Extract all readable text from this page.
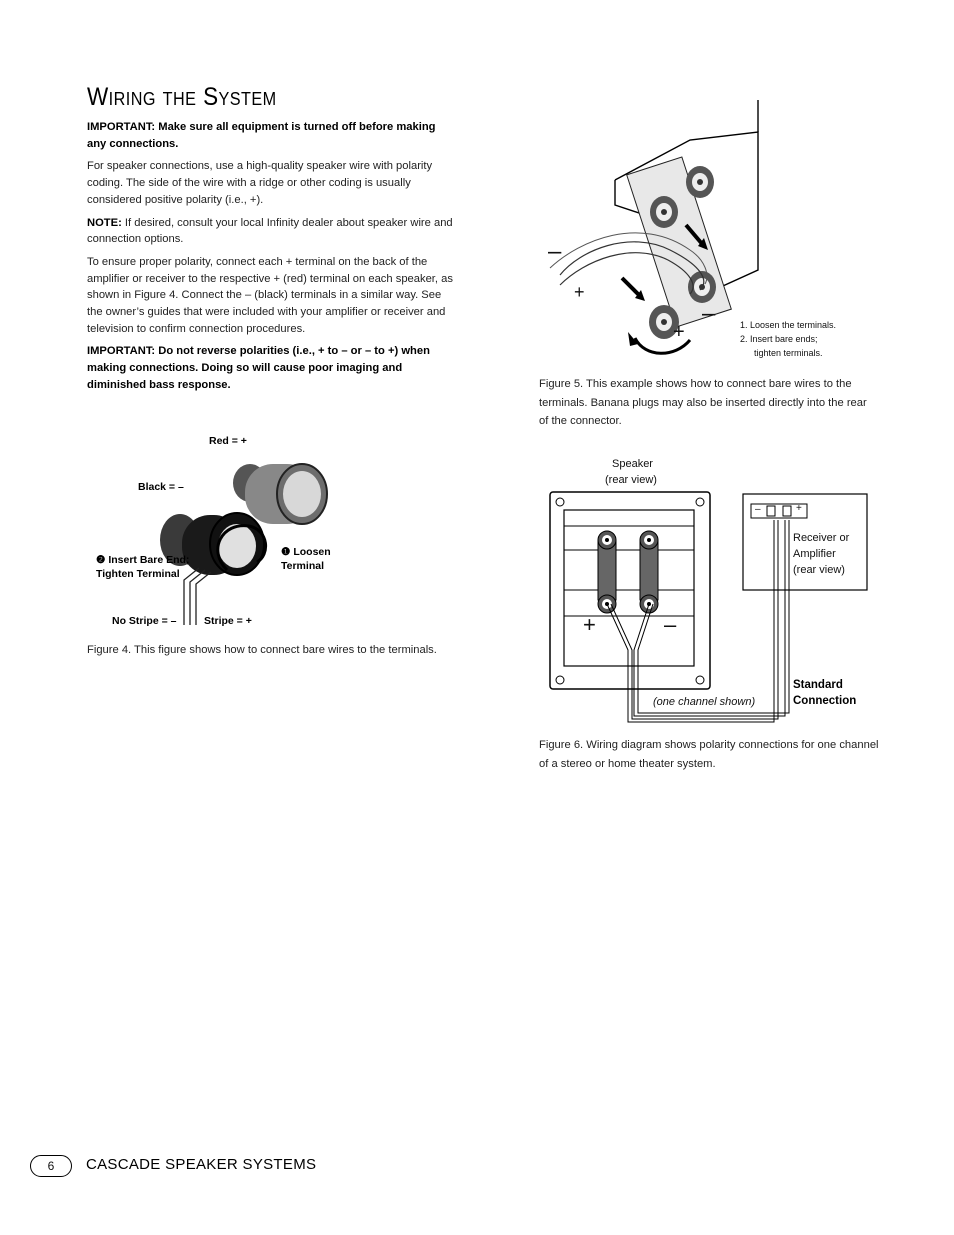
Wiring the System

IMPORTANT: Make sure all equipment is turned off before making any connections.

For speaker connections, use a high-quality speaker wire with polarity coding. The side of the wire with a ridge or other coding is usually considered positive polarity (i.e., +).

NOTE: If desired, consult your local Infinity dealer about speaker wire and connection options.

To ensure proper polarity, connect each + terminal on the back of the amplifier or receiver to the respective + (red) terminal on each speaker, as shown in Figure 4. Connect the – (black) terminals in a similar way. See the owner’s guides that were included with your amplifier or receiver and television to confirm connection procedures.

IMPORTANT: Do not reverse polarities (i.e., + to – or – to +) when making connections. Doing so will cause poor imaging and diminished bass response.

Red = +
Black = –
❷ Insert Bare End; Tighten Terminal
❶ Loosen Terminal
No Stripe = –	Stripe = +
Figure 4. This figure shows how to connect bare wires to the terminals.
–
+
–
+	1. Loosen the terminals.
2. Insert bare ends;
tighten terminals.
Figure 5. This example shows how to connect bare wires to the terminals. Banana plugs may also be inserted directly into the rear of the connector.
Speaker
(rear view)
–	+
Receiver or
Amplifier
(rear view)
+	–
(one channel shown)
Standard
Connection
Figure 6. Wiring diagram shows polarity connections for one channel of a stereo or home theater system.
6	CASCADE SPEAKER SYSTEMS
